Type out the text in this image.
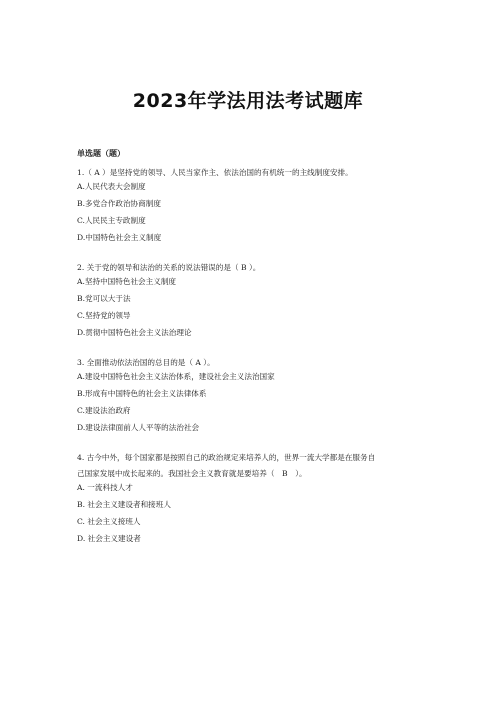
2023年学法用法考试题库
单选题（题）

1.（ A ）是坚持党的领导、人民当家作主、依法治国的有机统一的主线制度安排。

A.人民代表大会制度

B.多党合作政治协商制度

C.人民民主专政制度

D.中国特色社会主义制度

2. 关于党的领导和法治的关系的说法错误的是（ B ）。

A.坚持中国特色社会主义制度

B.党可以大于法

C.坚持党的领导

D.贯彻中国特色社会主义法治理论

3. 全面推动依法治国的总目的是（ A ）。

A.建设中国特色社会主义法治体系，建设社会主义法治国家

B.形成有中国特色的社会主义法律体系

C.建设法治政府

D.建设法律面前人人平等的法治社会

4. 古今中外，每个国家都是按照自己的政治规定来培养人的，世界一流大学都是在服务自

己国家发展中成长起来的。我国社会主义教育就是要培养（　B　）。

A. 一流科技人才

B. 社会主义建设者和接班人

C. 社会主义接班人

D. 社会主义建设者
